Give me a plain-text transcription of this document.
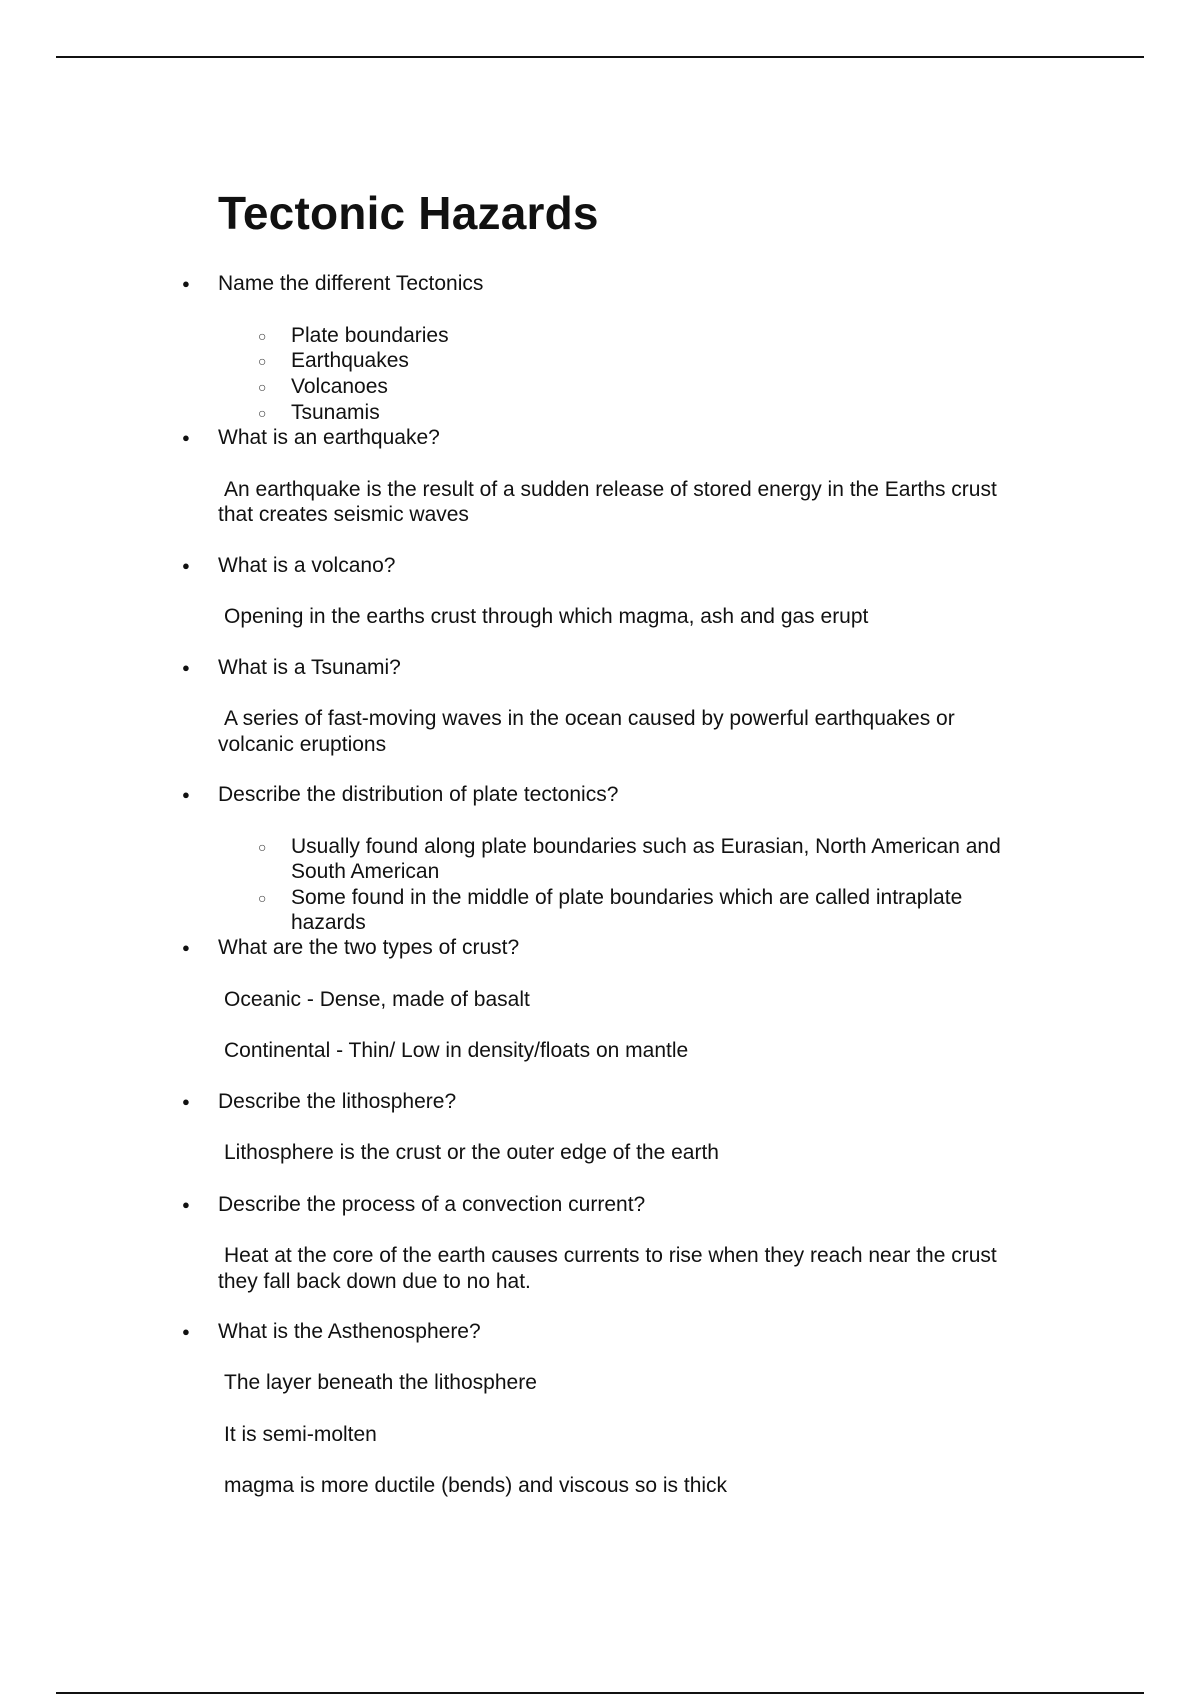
Tectonic Hazards
● Name the different Tectonics
○ Plate boundaries
○ Earthquakes
○ Volcanoes
○ Tsunamis
● What is an earthquake?
An earthquake is the result of a sudden release of stored energy in the Earths crust
that creates seismic waves
● What is a volcano?
Opening in the earths crust through which magma, ash and gas erupt
● What is a Tsunami?
A series of fast-moving waves in the ocean caused by powerful earthquakes or
volcanic eruptions
● Describe the distribution of plate tectonics?
○ Usually found along plate boundaries such as Eurasian, North American and
South American
○ Some found in the middle of plate boundaries which are called intraplate
hazards
● What are the two types of crust?
Oceanic - Dense, made of basalt
Continental - Thin/ Low in density/floats on mantle
● Describe the lithosphere?
Lithosphere is the crust or the outer edge of the earth
● Describe the process of a convection current?
Heat at the core of the earth causes currents to rise when they reach near the crust
they fall back down due to no hat.
● What is the Asthenosphere?
The layer beneath the lithosphere
It is semi-molten
magma is more ductile (bends) and viscous so is thick
